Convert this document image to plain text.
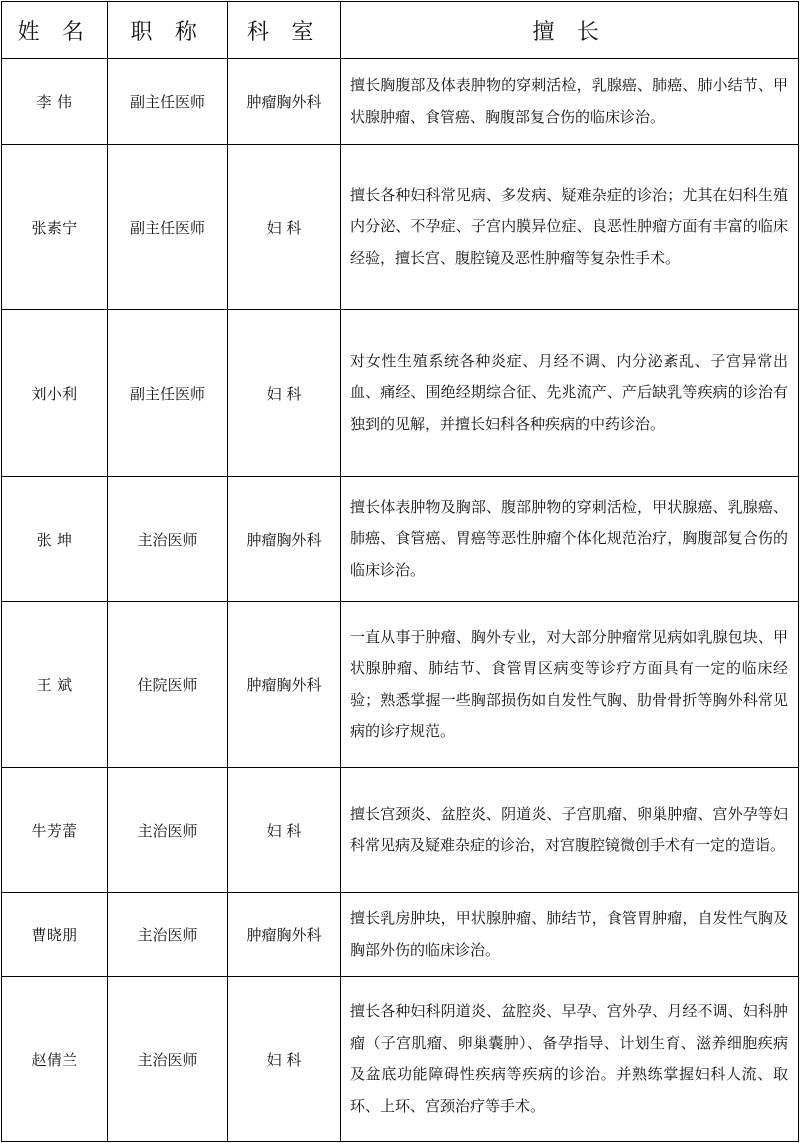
姓 名	职 称	科 室	擅 长
李 伟	副主任医师	肿瘤胸外科	擅长胸腹部及体表肿物的穿刺活检，乳腺癌、肺癌、肺小结节、甲状腺肿瘤、食管癌、胸腹部复合伤的临床诊治。
张素宁	副主任医师	妇 科	擅长各种妇科常见病、多发病、疑难杂症的诊治；尤其在妇科生殖内分泌、不孕症、子宫内膜异位症、良恶性肿瘤方面有丰富的临床经验，擅长宫、腹腔镜及恶性肿瘤等复杂性手术。
刘小利	副主任医师	妇 科	对女性生殖系统各种炎症、月经不调、内分泌紊乱、子宫异常出血、痛经、围绝经期综合征、先兆流产、产后缺乳等疾病的诊治有独到的见解，并擅长妇科各种疾病的中药诊治。
张 坤	主治医师	肿瘤胸外科	擅长体表肿物及胸部、腹部肿物的穿刺活检，甲状腺癌、乳腺癌、肺癌、食管癌、胃癌等恶性肿瘤个体化规范治疗，胸腹部复合伤的临床诊治。
王 斌	住院医师	肿瘤胸外科	一直从事于肿瘤、胸外专业，对大部分肿瘤常见病如乳腺包块、甲状腺肿瘤、肺结节、食管胃区病变等诊疗方面具有一定的临床经验；熟悉掌握一些胸部损伤如自发性气胸、肋骨骨折等胸外科常见病的诊疗规范。
牛芳蕾	主治医师	妇 科	擅长宫颈炎、盆腔炎、阴道炎、子宫肌瘤、卵巢肿瘤、宫外孕等妇科常见病及疑难杂症的诊治，对宫腹腔镜微创手术有一定的造诣。
曹晓朋	主治医师	肿瘤胸外科	擅长乳房肿块，甲状腺肿瘤、肺结节，食管胃肿瘤，自发性气胸及胸部外伤的临床诊治。
赵倩兰	主治医师	妇 科	擅长各种妇科阴道炎、盆腔炎、早孕、宫外孕、月经不调、妇科肿瘤（子宫肌瘤、卵巢囊肿）、备孕指导、计划生育、滋养细胞疾病及盆底功能障碍性疾病等疾病的诊治。并熟练掌握妇科人流、取环、上环、宫颈治疗等手术。
